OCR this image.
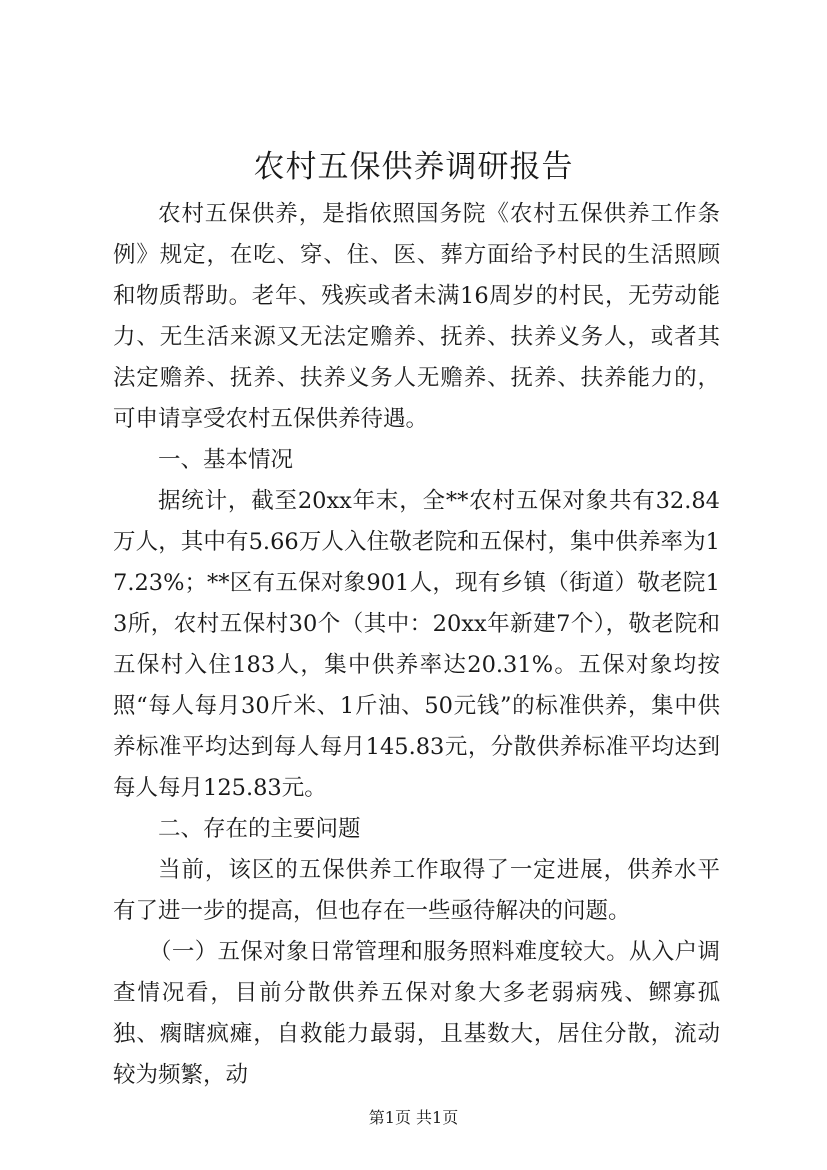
农村五保供养调研报告

农村五保供养，是指依照国务院《农村五保供养工作条例》规定，在吃、穿、住、医、葬方面给予村民的生活照顾和物质帮助。老年、残疾或者未满16周岁的村民，无劳动能力、无生活来源又无法定赡养、抚养、扶养义务人，或者其法定赡养、抚养、扶养义务人无赡养、抚养、扶养能力的，可申请享受农村五保供养待遇。

一、基本情况

据统计，截至20xx年末，全**农村五保对象共有32.84万人，其中有5.66万人入住敬老院和五保村，集中供养率为17.23%；**区有五保对象901人，现有乡镇（街道）敬老院13所，农村五保村30个（其中：20xx年新建7个），敬老院和五保村入住183人，集中供养率达20.31%。五保对象均按照“每人每月30斤米、1斤油、50元钱”的标准供养，集中供养标准平均达到每人每月145.83元，分散供养标准平均达到每人每月125.83元。

二、存在的主要问题

当前，该区的五保供养工作取得了一定进展，供养水平有了进一步的提高，但也存在一些亟待解决的问题。

（一）五保对象日常管理和服务照料难度较大。从入户调查情况看，目前分散供养五保对象大多老弱病残、鳏寡孤独、瘸瞎疯瘫，自救能力最弱，且基数大，居住分散，流动较为频繁，动

第1页 共1页
